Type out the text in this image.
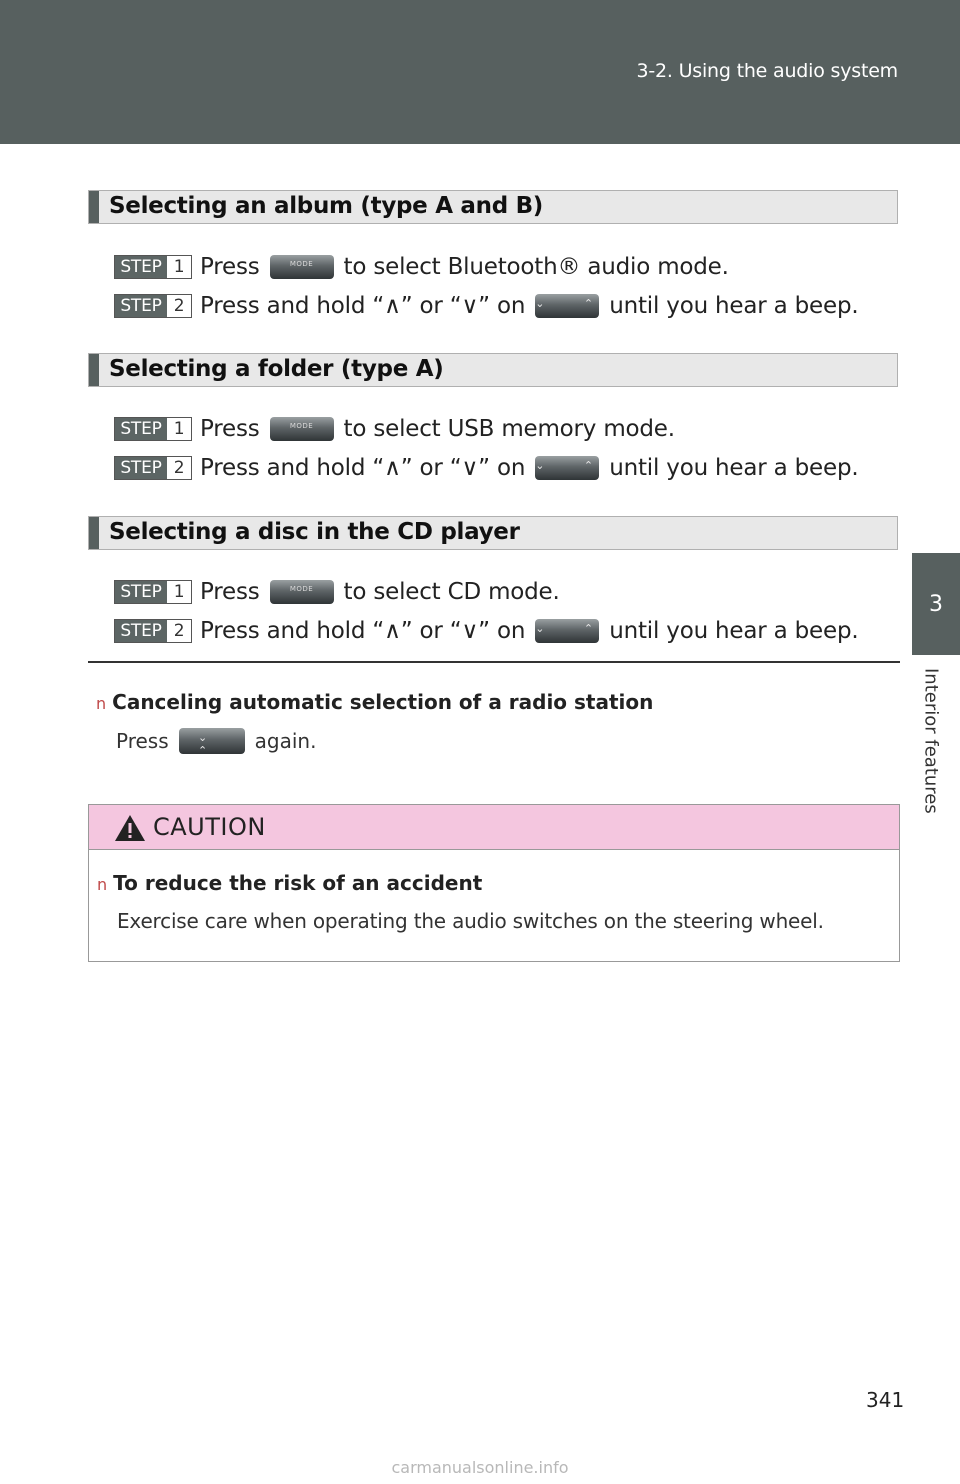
3-2. Using the audio system
3
Interior features
Selecting an album (type A and B)
STEP 1 Press	MODE	to select Bluetooth® audio mode.
STEP 2 Press and hold “∧” or “∨” on ⌄ ⌃
until you hear a beep.
Selecting a folder (type A)
STEP 1 Press	MODE	to select USB memory mode.
STEP 2 Press and hold “∧” or “∨” on ⌄ ⌃
until you hear a beep.
Selecting a disc in the CD player
STEP 1 Press	MODE	to select CD mode.
STEP 2 Press and hold “∧” or “∨” on ⌄ ⌃
until you hear a beep.
n Canceling automatic selection of a radio station
Press	⌄ ⌃	again.
CAUTION
n To reduce the risk of an accident
Exercise care when operating the audio switches on the steering wheel.
341
carmanualsonline.info
